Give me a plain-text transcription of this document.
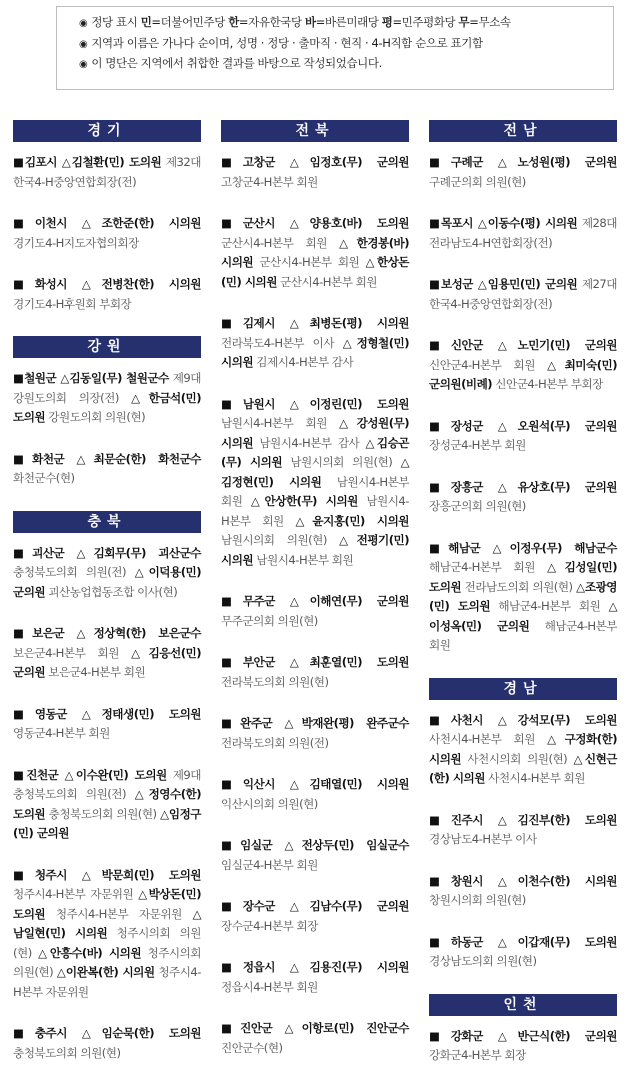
◉ 정당 표시 민=더불어민주당 한=자유한국당 바=바른미래당 평=민주평화당 무=무소속
◉ 지역과 이름은 가나다 순이며, 성명 · 정당 · 출마직 · 현직 · 4-H직함 순으로 표기함
◉ 이 명단은 지역에서 취합한 결과를 바탕으로 작성되었습니다.
경기
■김포시 △김철환(민) 도의원 제32대 한국4-H중앙연합회장(전)
■이천시 △조한준(한) 시의원 경기도4-H지도자협의회장
■화성시 △전병찬(한) 시의원 경기도4-H후원회 부회장
강원
■철원군 △김동일(무) 철원군수 제9대 강원도의회 의장(전) △한금석(민) 도의원 강원도의회 의원(현)
■화천군 △최문순(한) 화천군수 화천군수(현)
충북
■괴산군 △김회무(무) 괴산군수 충청북도의회 의원(전) △이덕용(민) 군의원 괴산농업협동조합 이사(현)
■보은군 △정상혁(한) 보은군수 보은군4-H본부 회원 △김응선(민) 군의원 보은군4-H본부 회원
■영동군 △정태생(민) 도의원 영동군4-H본부 회원
■진천군 △이수완(민) 도의원 제9대 충청북도의회 의원(전) △정영수(한) 도의원 충청북도의회 의원(현) △임정구(민) 군의원
■청주시 △박문희(민) 도의원 청주시4-H본부 자문위원 △박상돈(민) 도의원 청주시4-H본부 자문위원 △남일현(민) 시의원 청주시의회 의원(현) △안흥수(바) 시의원 청주시의회 의원(현) △이완복(한) 시의원 청주시4-H본부 자문위원
■충주시 △임순묵(한) 도의원 충청북도의회 의원(현)
전북
■고창군 △임정호(무) 군의원 고창군4-H본부 회원
■군산시 △양용호(바) 도의원 군산시4-H본부 회원 △한경봉(바) 시의원 군산시4-H본부 회원 △한상돈(민) 시의원 군산시4-H본부 회원
■김제시 △최병돈(평) 시의원 전라북도4-H본부 이사 △정형철(민) 시의원 김제시4-H본부 감사
■남원시 △이정린(민) 도의원 남원시4-H본부 회원 △강성원(무) 시의원 남원시4-H본부 감사 △김승곤(무) 시의원 남원시의회 의원(현) △김정현(민) 시의원 남원시4-H본부 회원 △안상한(무) 시의원 남원시4-H본부 회원 △윤지홍(민) 시의원 남원시의회 의원(현) △전평기(민) 시의원 남원시4-H본부 회원
■무주군 △이해연(무) 군의원 무주군의회 의원(현)
■부안군 △최훈열(민) 도의원 전라북도의회 의원(현)
■완주군 △박재완(평) 완주군수 전라북도의회 의원(전)
■익산시 △김태열(민) 시의원 익산시의회 의원(현)
■임실군 △전상두(민) 임실군수 임실군4-H본부 회원
■장수군 △김남수(무) 군의원 장수군4-H본부 회장
■정읍시 △김용진(무) 시의원 정읍시4-H본부 회원
■진안군 △이항로(민) 진안군수 진안군수(현)
전남
■구례군 △노성원(평) 군의원 구례군의회 의원(현)
■목포시 △이동수(평) 시의원 제28대 전라남도4-H연합회장(전)
■보성군 △임용민(민) 군의원 제27대 한국4-H중앙연합회장(전)
■신안군 △노민기(민) 군의원 신안군4-H본부 회원 △최미숙(민) 군의원(비례) 신안군4-H본부 부회장
■장성군 △오원석(무) 군의원 장성군4-H본부 회원
■장흥군 △유상호(무) 군의원 장흥군의회 의원(현)
■해남군 △이정우(무) 해남군수 해남군4-H본부 회원 △김성일(민) 도의원 전라남도의회 의원(현) △조광영(민) 도의원 해남군4-H본부 회원 △이성옥(민) 군의원 해남군4-H본부 회원
경남
■사천시 △강석모(무) 도의원 사천시4-H본부 회원 △구정화(한) 시의원 사천시의회 의원(현) △신현근(한) 시의원 사천시4-H본부 회원
■진주시 △김진부(한) 도의원 경상남도4-H본부 이사
■창원시 △이천수(한) 시의원 창원시의회 의원(현)
■하동군 △이갑재(무) 도의원 경상남도의회 의원(현)
인천
■강화군 △반근식(한) 군의원 강화군4-H본부 회장
